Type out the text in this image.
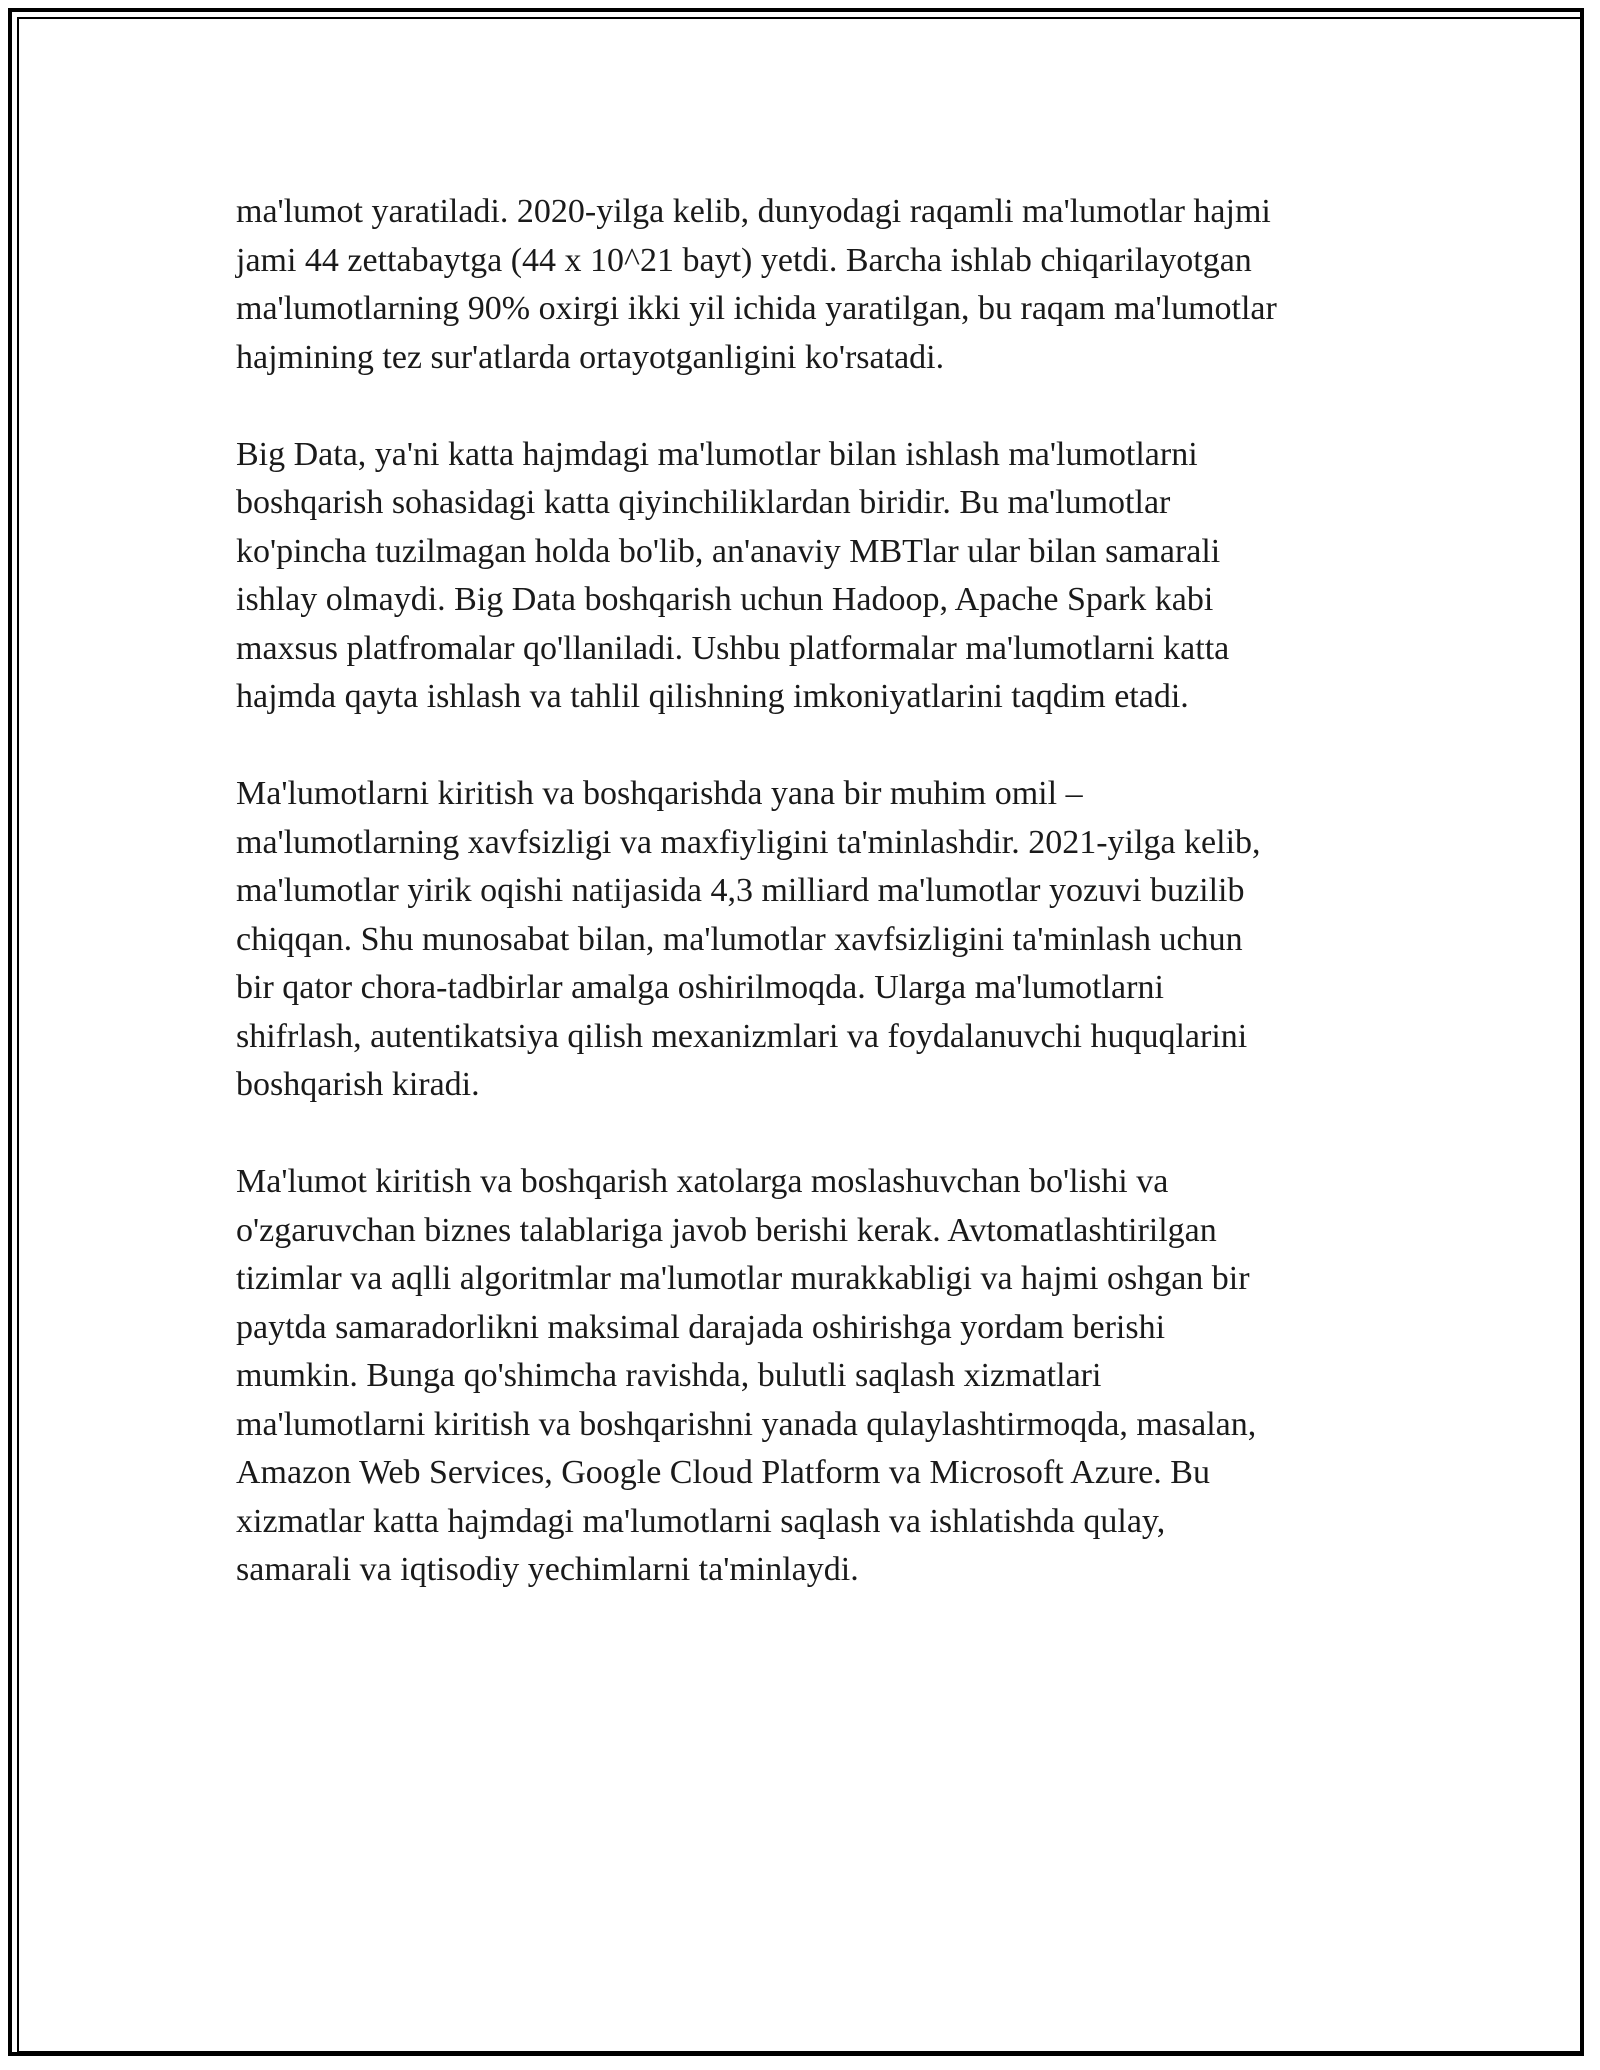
ma'lumot yaratiladi. 2020-yilga kelib, dunyodagi raqamli ma'lumotlar hajmi
jami 44 zettabaytga (44 x 10^21 bayt) yetdi. Barcha ishlab chiqarilayotgan
ma'lumotlarning 90% oxirgi ikki yil ichida yaratilgan, bu raqam ma'lumotlar
hajmining tez sur'atlarda ortayotganligini ko'rsatadi.

Big Data, ya'ni katta hajmdagi ma'lumotlar bilan ishlash ma'lumotlarni
boshqarish sohasidagi katta qiyinchiliklardan biridir. Bu ma'lumotlar
ko'pincha tuzilmagan holda bo'lib, an'anaviy MBTlar ular bilan samarali
ishlay olmaydi. Big Data boshqarish uchun Hadoop, Apache Spark kabi
maxsus platfromalar qo'llaniladi. Ushbu platformalar ma'lumotlarni katta
hajmda qayta ishlash va tahlil qilishning imkoniyatlarini taqdim etadi.

Ma'lumotlarni kiritish va boshqarishda yana bir muhim omil –
ma'lumotlarning xavfsizligi va maxfiyligini ta'minlashdir. 2021-yilga kelib,
ma'lumotlar yirik oqishi natijasida 4,3 milliard ma'lumotlar yozuvi buzilib
chiqqan. Shu munosabat bilan, ma'lumotlar xavfsizligini ta'minlash uchun
bir qator chora-tadbirlar amalga oshirilmoqda. Ularga ma'lumotlarni
shifrlash, autentikatsiya qilish mexanizmlari va foydalanuvchi huquqlarini
boshqarish kiradi.

Ma'lumot kiritish va boshqarish xatolarga moslashuvchan bo'lishi va
o'zgaruvchan biznes talablariga javob berishi kerak. Avtomatlashtirilgan
tizimlar va aqlli algoritmlar ma'lumotlar murakkabligi va hajmi oshgan bir
paytda samaradorlikni maksimal darajada oshirishga yordam berishi
mumkin. Bunga qo'shimcha ravishda, bulutli saqlash xizmatlari
ma'lumotlarni kiritish va boshqarishni yanada qulaylashtirmoqda, masalan,
Amazon Web Services, Google Cloud Platform va Microsoft Azure. Bu
xizmatlar katta hajmdagi ma'lumotlarni saqlash va ishlatishda qulay,
samarali va iqtisodiy yechimlarni ta'minlaydi.
